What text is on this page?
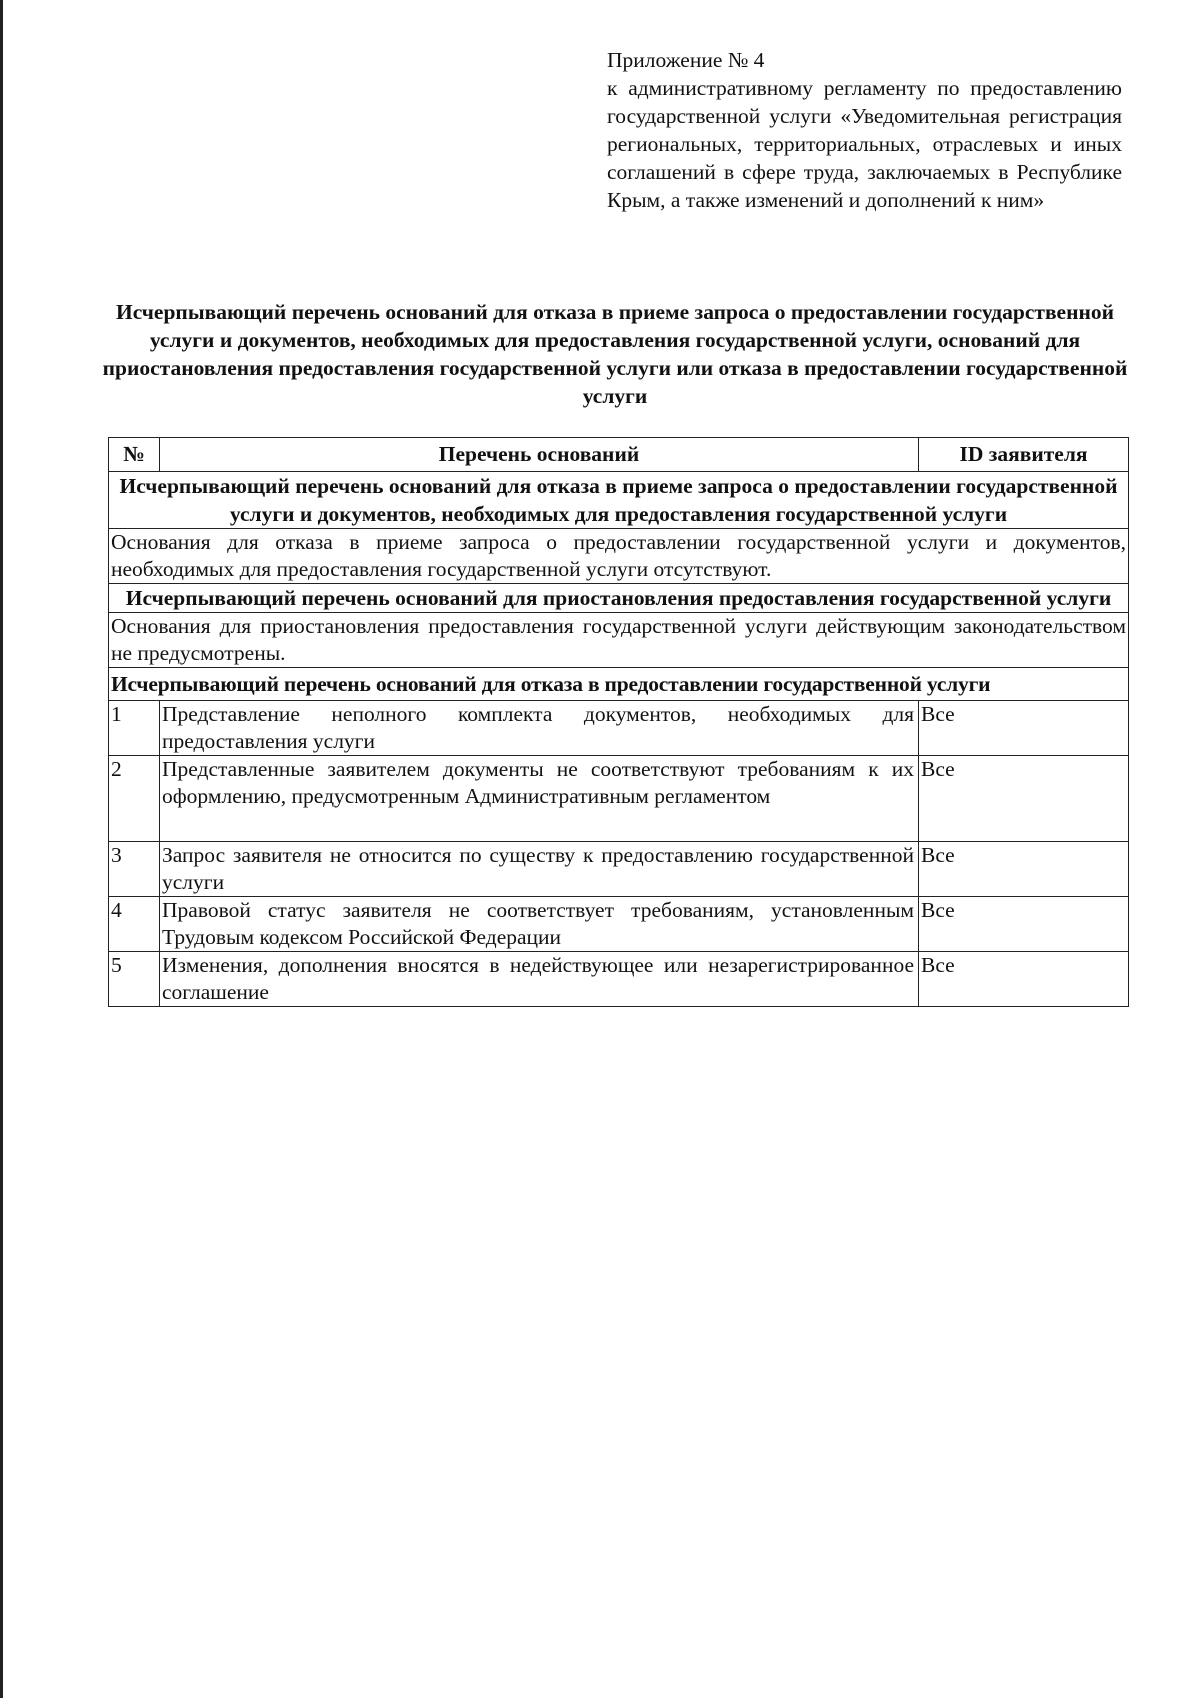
Приложение № 4
к административному регламенту по предоставлению государственной услуги «Уведомительная регистрация региональных, территориальных, отраслевых и иных соглашений в сфере труда, заключаемых в Республике Крым, а также изменений и дополнений к ним»
Исчерпывающий перечень оснований для отказа в приеме запроса о предоставлении государственной услуги и документов, необходимых для предоставления государственной услуги, оснований для приостановления предоставления государственной услуги или отказа в предоставлении государственной услуги
№	Перечень оснований	ID заявителя
Исчерпывающий перечень оснований для отказа в приеме запроса о предоставлении государственной услуги и документов, необходимых для предоставления государственной услуги		
Основания для отказа в приеме запроса о предоставлении государственной услуги и документов, необходимых для предоставления государственной услуги отсутствуют.		
Исчерпывающий перечень оснований для приостановления предоставления государственной услуги		
Основания для приостановления предоставления государственной услуги действующим законодательством не предусмотрены.		
Исчерпывающий перечень оснований для отказа в предоставлении государственной услуги		
1	Представление неполного комплекта документов, необходимых для предоставления услуги	Все
2	Представленные заявителем документы не соответствуют требованиям к их оформлению, предусмотренным Административным регламентом	Все
3	Запрос заявителя не относится по существу к предоставлению государственной услуги	Все
4	Правовой статус заявителя не соответствует требованиям, установленным Трудовым кодексом Российской Федерации	Все
5	Изменения, дополнения вносятся в недействующее или незарегистрированное соглашение	Все
